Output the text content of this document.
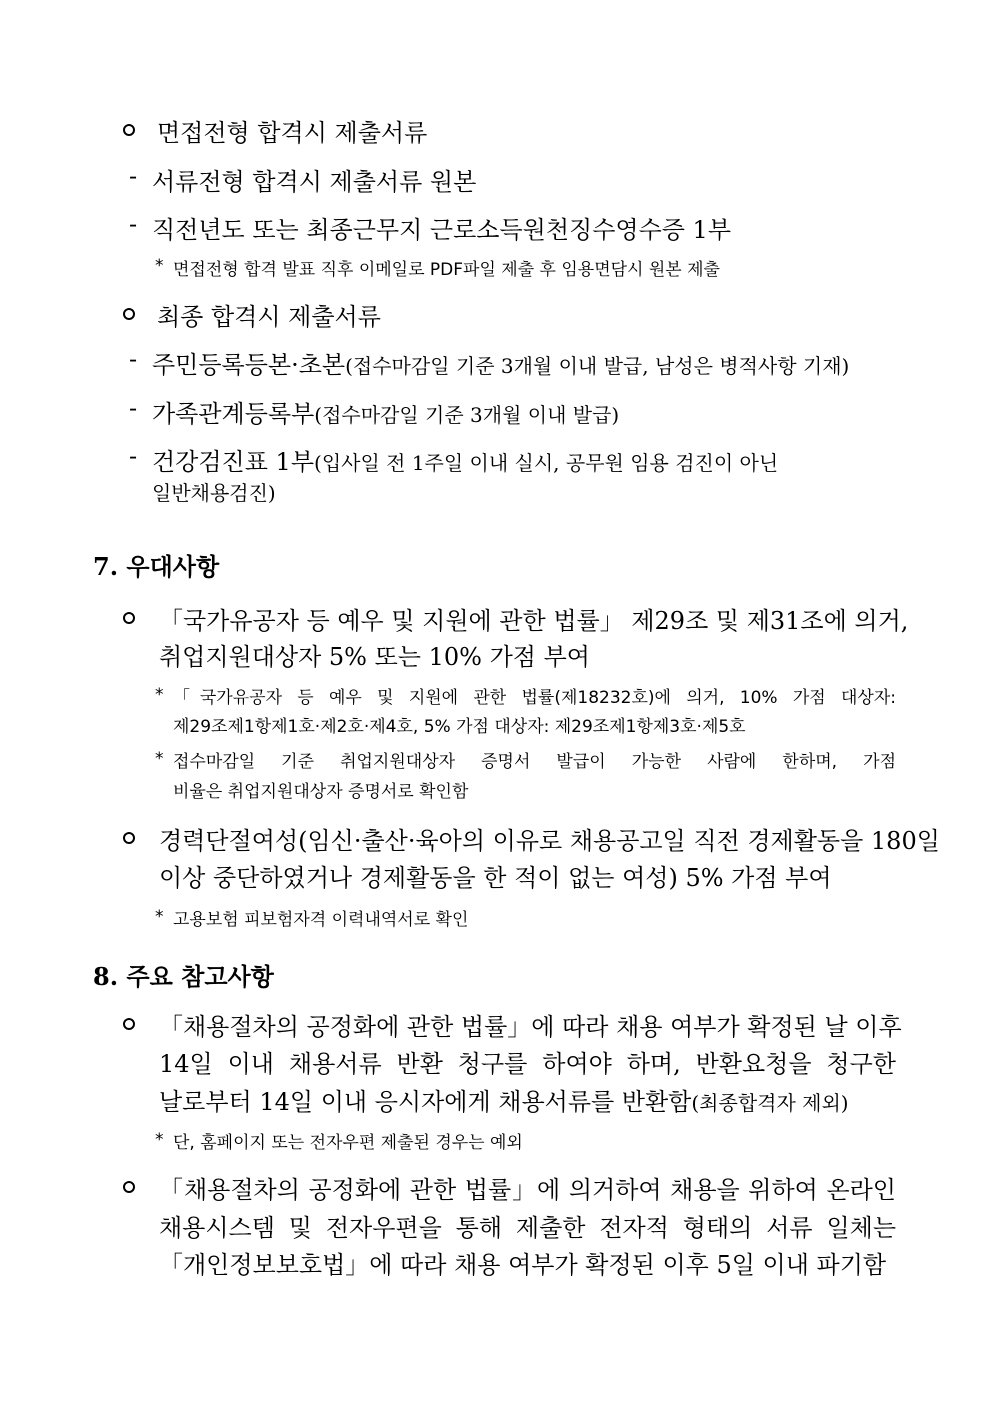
면접전형 합격시 제출서류
- 서류전형 합격시 제출서류 원본
- 직전년도 또는 최종근무지 근로소득원천징수영수증 1부
* 면접전형 합격 발표 직후 이메일로 PDF파일 제출 후 임용면담시 원본 제출
최종 합격시 제출서류
- 주민등록등본·초본(접수마감일 기준 3개월 이내 발급, 남성은 병적사항 기재)
- 가족관계등록부(접수마감일 기준 3개월 이내 발급)
- 건강검진표 1부(입사일 전 1주일 이내 실시, 공무원 임용 검진이 아닌
일반채용검진)
7. 우대사항
「국가유공자 등 예우 및 지원에 관한 법률」 제29조 및 제31조에 의거,
취업지원대상자 5% 또는 10% 가점 부여
* 「국가유공자 등 예우 및 지원에 관한 법률(제18232호)에 의거, 10% 가점 대상자:
제29조제1항제1호·제2호·제4호, 5% 가점 대상자: 제29조제1항제3호·제5호
* 접수마감일 기준 취업지원대상자 증명서 발급이 가능한 사람에 한하며, 가점
비율은 취업지원대상자 증명서로 확인함
경력단절여성(임신·출산·육아의 이유로 채용공고일 직전 경제활동을 180일
이상 중단하였거나 경제활동을 한 적이 없는 여성) 5% 가점 부여
* 고용보험 피보험자격 이력내역서로 확인
8. 주요 참고사항
「채용절차의 공정화에 관한 법률」에 따라 채용 여부가 확정된 날 이후
14일 이내 채용서류 반환 청구를 하여야 하며, 반환요청을 청구한
날로부터 14일 이내 응시자에게 채용서류를 반환함(최종합격자 제외)
* 단, 홈페이지 또는 전자우편 제출된 경우는 예외
「채용절차의 공정화에 관한 법률」에 의거하여 채용을 위하여 온라인
채용시스템 및 전자우편을 통해 제출한 전자적 형태의 서류 일체는
「개인정보보호법」에 따라 채용 여부가 확정된 이후 5일 이내 파기함
